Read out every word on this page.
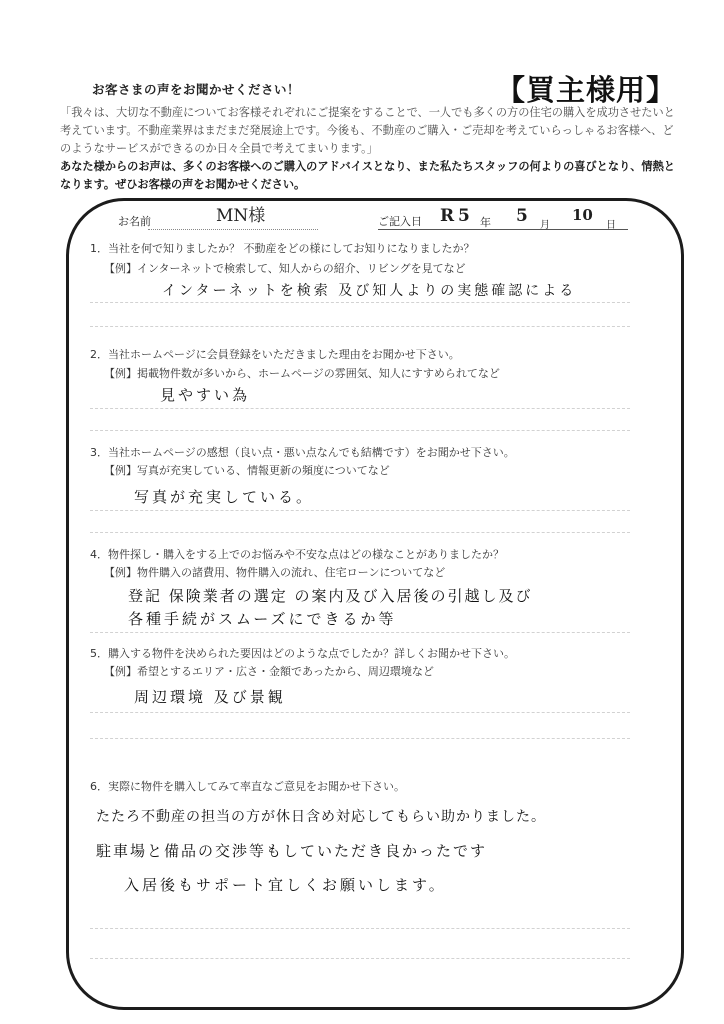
お客さまの声をお聞かせください！	【買主様用】
「我々は、大切な不動産についてお客様それぞれにご提案をすることで、一人でも多くの方の住宅の購入を成功させたいと考えています。不動産業界はまだまだ発展途上です。今後も、不動産のご購入・ご売却を考えていらっしゃるお客様へ、どのようなサービスができるのか日々全員で考えてまいります。」
あなた様からのお声は、多くのお客様へのご購入のアドバイスとなり、また私たちスタッフの何よりの喜びとなり、情熱となります。ぜひお客様の声をお聞かせください。
お名前	MN様	ご記入日 R 5 年 5 月
10
日
1．当社を何で知りましたか？ 不動産をどの様にしてお知りになりましたか？
【例】インターネットで検索して、知人からの紹介、リビングを見てなど
インターネットを検索 及び知人よりの実態確認による
2．当社ホームページに会員登録をいただきました理由をお聞かせ下さい。
【例】掲載物件数が多いから、ホームページの雰囲気、知人にすすめられてなど
見やすい為
3．当社ホームページの感想（良い点・悪い点なんでも結構です）をお聞かせ下さい。
【例】写真が充実している、情報更新の頻度についてなど
写真が充実している。
4．物件探し・購入をする上でのお悩みや不安な点はどの様なことがありましたか？
【例】物件購入の諸費用、物件購入の流れ、住宅ローンについてなど
登記 保険業者の選定 の案内及び入居後の引越し及び
各種手続がスムーズにできるか等
5．購入する物件を決められた要因はどのような点でしたか？詳しくお聞かせ下さい。
【例】希望とするエリア・広さ・金額であったから、周辺環境など
周辺環境 及び景観
6．実際に物件を購入してみて率直なご意見をお聞かせ下さい。
たたろ不動産の担当の方が休日含め対応してもらい助かりました。
駐車場と備品の交渉等もしていただき良かったです
入居後もサポート宜しくお願いします。
